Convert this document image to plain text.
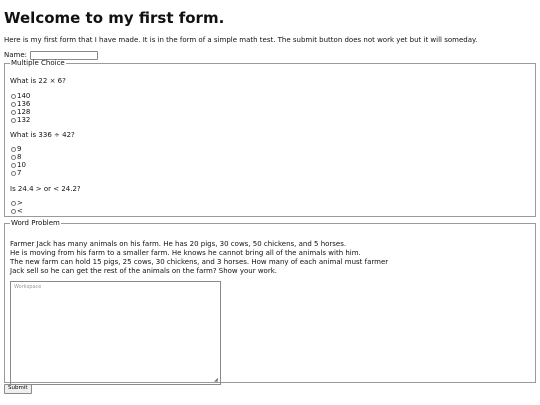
Welcome to my first form.

Here is my first form that I have made. It is in the form of a simple math test. The submit button does not work yet but it will someday.

Name:
Multiple Choice
What is 22 × 6?
140
136
128
132
What is 336 ÷ 42?
9
8
10
7
Is 24.4 > or < 24.2?
>
<
Word Problem
Farmer Jack has many animals on his farm. He has 20 pigs, 30 cows, 50 chickens, and 5 horses.
He is moving from his farm to a smaller farm. He knows he cannot bring all of the animals with him.
The new farm can hold 15 pigs, 25 cows, 30 chickens, and 3 horses. How many of each animal must farmer
Jack sell so he can get the rest of the animals on the farm? Show your work.
Workspace
◢
Submit
